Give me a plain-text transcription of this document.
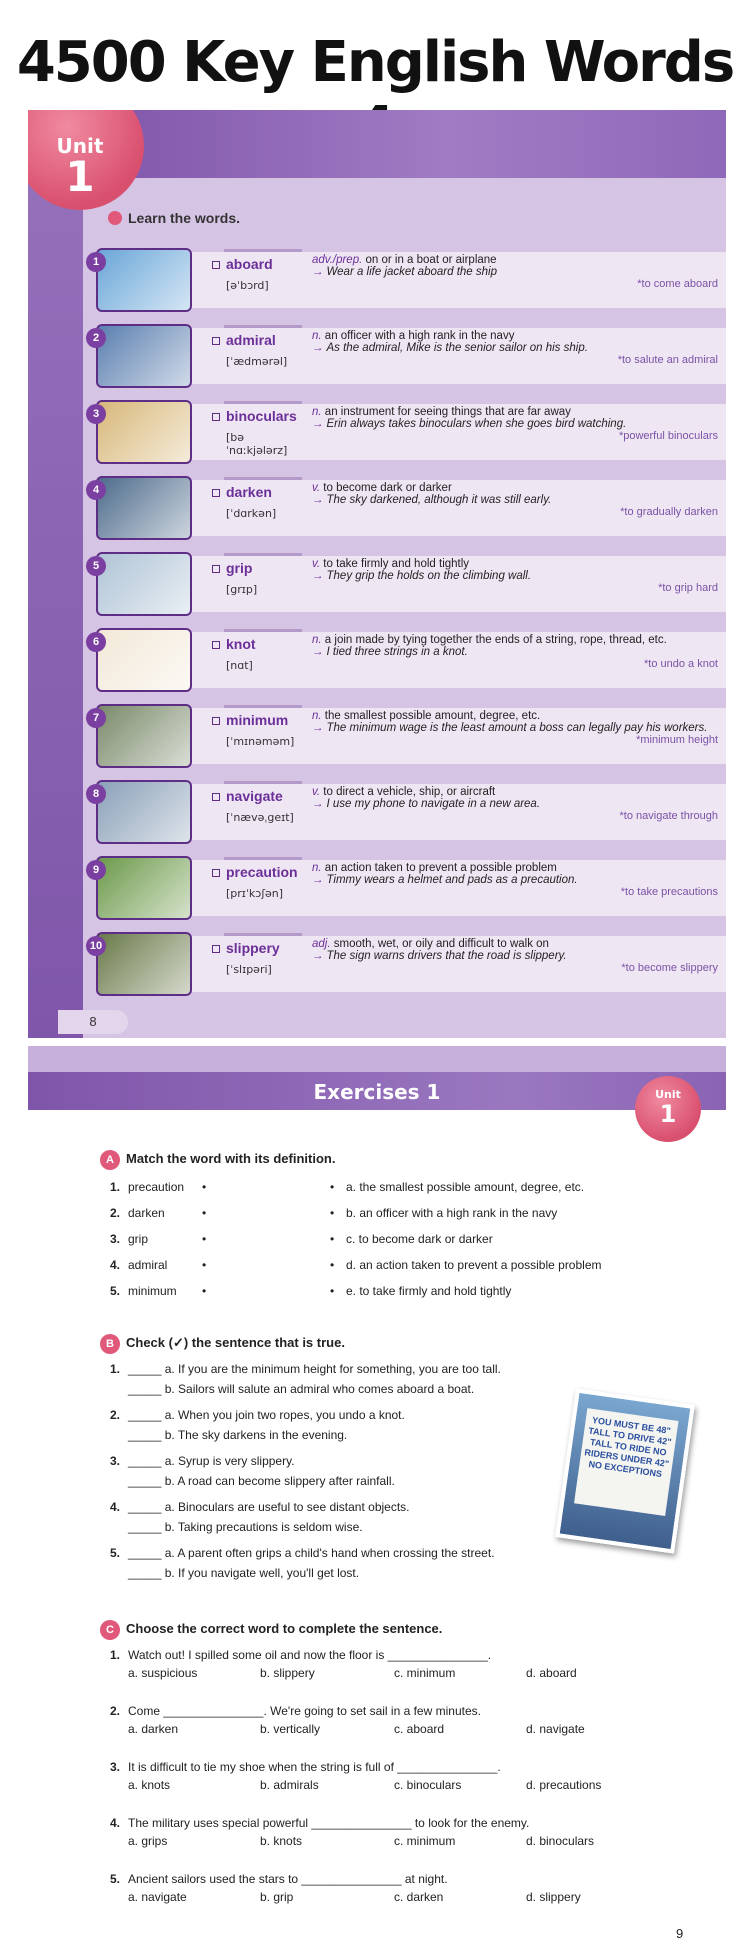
4500 Key English Words
Unit
1
Learn the words.
1	aboard
[əˈbɔrd]
adv./prep. on or in a boat or airplane
→ Wear a life jacket aboard the ship
*to come aboard
2	admiral
[ˈædmərəl]
n. an officer with a high rank in the navy
→ As the admiral, Mike is the senior sailor on his ship.
*to salute an admiral
3	binoculars
[bəˈnɑːkjələrz]
n. an instrument for seeing things that are far away
→ Erin always takes binoculars when she goes bird watching.
*powerful binoculars
4	darken
[ˈdɑrkən]
v. to become dark or darker
→ The sky darkened, although it was still early.
*to gradually darken
5	grip
[grɪp]
v. to take firmly and hold tightly
→ They grip the holds on the climbing wall.
*to grip hard
6	knot
[nɑt]
n. a join made by tying together the ends of a string, rope, thread, etc.
→ I tied three strings in a knot.
*to undo a knot
7	minimum
[ˈmɪnəməm]
n. the smallest possible amount, degree, etc.
→ The minimum wage is the least amount a boss can legally pay his workers.
*minimum height
8	navigate
[ˈnævəˌgeɪt]
v. to direct a vehicle, ship, or aircraft
→ I use my phone to navigate in a new area.
*to navigate through
9	precaution
[prɪˈkɔʃən]
n. an action taken to prevent a possible problem
→ Timmy wears a helmet and pads as a precaution.
*to take precautions
10	slippery
[ˈslɪpəri]
adj. smooth, wet, or oily and difficult to walk on
→ The sign warns drivers that the road is slippery.
*to become slippery
8
Exercises 1	Unit
1
A Match the word with its definition.
1. precaution •	• a. the smallest possible amount, degree, etc.
2. darken	•	• b. an officer with a high rank in the navy
3. grip	•	• c. to become dark or darker
4. admiral	•	• d. an action taken to prevent a possible problem
5. minimum •	• e. to take firmly and hold tightly
B Check (✓) the sentence that is true.
1. _____ a. If you are the minimum height for something, you are too tall.
_____ b. Sailors will salute an admiral who comes aboard a boat.
2. _____ a. When you join two ropes, you undo a knot.
_____ b. The sky darkens in the evening.
3. _____ a. Syrup is very slippery.
_____ b. A road can become slippery after rainfall.
4. _____ a. Binoculars are useful to see distant objects.
_____ b. Taking precautions is seldom wise.
5. _____ a. A parent often grips a child's hand when crossing the street.
_____ b. If you navigate well, you'll get lost.
YOU MUST BE 48" TALL TO DRIVE 42" TALL TO RIDE NO RIDERS UNDER 42" NO EXCEPTIONS
C Choose the correct word to complete the sentence.
1. Watch out! I spilled some oil and now the floor is _______________.
a. suspicious	b. slippery	c. minimum	d. aboard
2. Come _______________. We're going to set sail in a few minutes.
a. darken	b. vertically	c. aboard	d. navigate
3. It is difficult to tie my shoe when the string is full of _______________.
a. knots	b. admirals	c. binoculars	d. precautions
4. The military uses special powerful _______________ to look for the enemy.
a. grips	b. knots	c. minimum	d. binoculars
5. Ancient sailors used the stars to _______________ at night.
a. navigate	b. grip	c. darken	d. slippery
9
